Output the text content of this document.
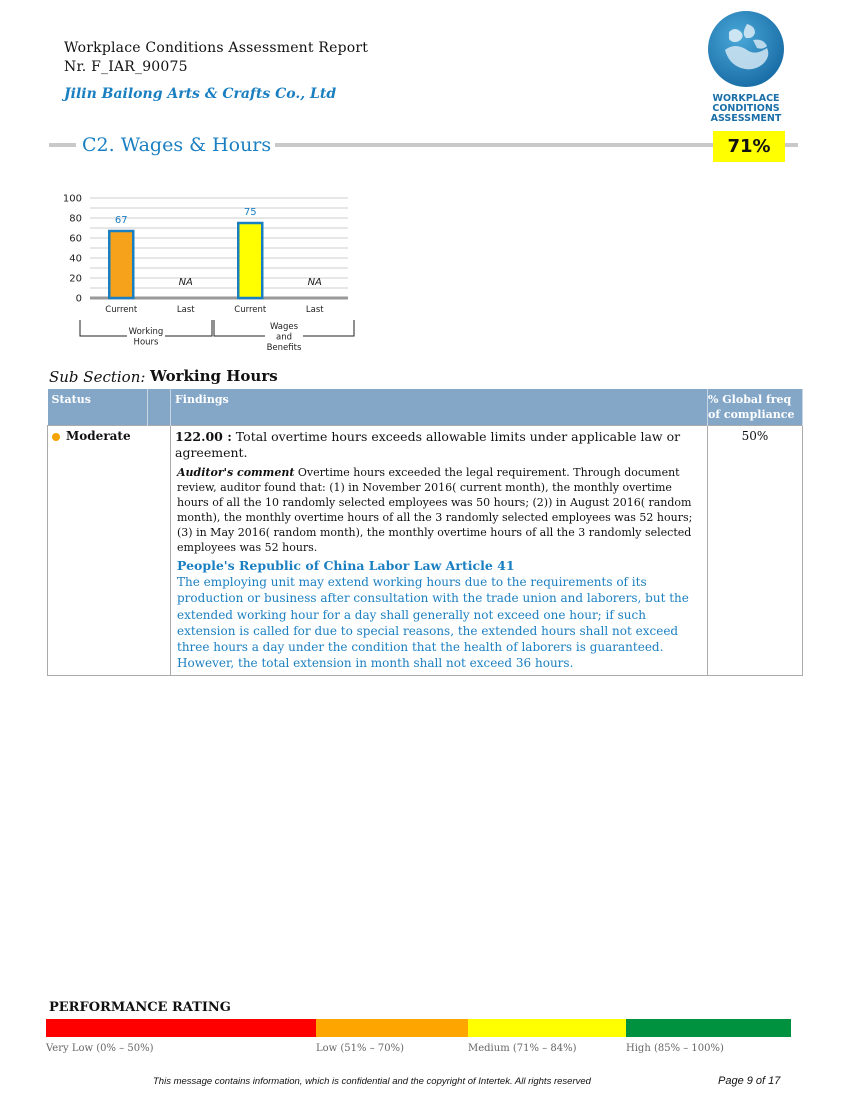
Workplace Conditions Assessment Report
Nr. F_IAR_90075
Jilin Bailong Arts & Crafts Co., Ltd	WORKPLACE
CONDITIONS
ASSESSMENT
C2. Wages & Hours	71%
0
20
40
60
80
100
67
Current
NA
Last
75
Current
NA
Last
Working
Hours
Wages
and
Benefits
Sub Section: Working Hours
Status		Findings	% Global freq of compliance
Moderate		122.00 : Total overtime hours exceeds allowable limits under applicable law or agreement.
Auditor's comment Overtime hours exceeded the legal requirement. Through document review, auditor found that: (1) in November 2016( current month), the monthly overtime hours of all the 10 randomly selected employees was 50 hours; (2)) in August 2016( random month), the monthly overtime hours of all the 3 randomly selected employees was 52 hours; (3) in May 2016( random month), the monthly overtime hours of all the 3 randomly selected employees was 52 hours.
People's Republic of China Labor Law Article 41
The employing unit may extend working hours due to the requirements of its production or business after consultation with the trade union and laborers, but the extended working hour for a day shall generally not exceed one hour; if such extension is called for due to special reasons, the extended hours shall not exceed three hours a day under the condition that the health of laborers is guaranteed. However, the total extension in month shall not exceed 36 hours.	50%
PERFORMANCE RATING
Very Low (0% – 50%)	Low (51% – 70%)	Medium (71% – 84%)	High (85% – 100%)
This message contains information, which is confidential and the copyright of Intertek. All rights reserved	Page 9 of 17
